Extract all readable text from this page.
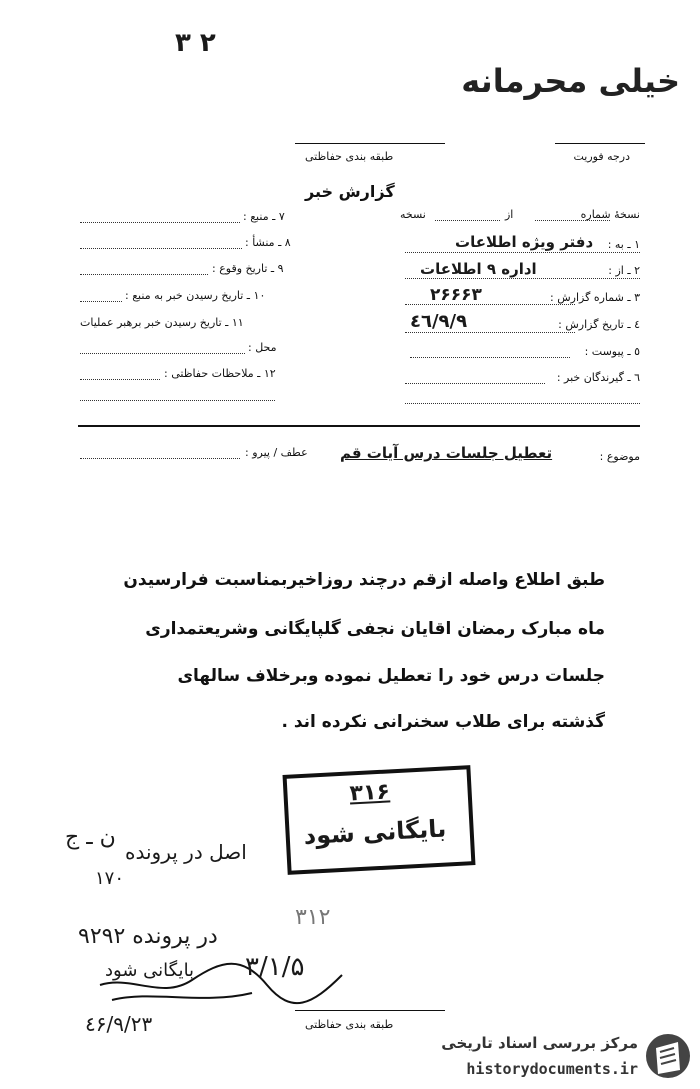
۳ ۲
خیلی محرمانه
درجه فوریت
طبقه بندی حفاظتی
گزارش خبر
نسخهٔ شماره
از
نسخه
۱ ـ به :
دفتر ویژه اطلاعات
۲ ـ از :
اداره ۹ اطلاعات
۳ ـ شماره گزارش :
۲۶۶۶۳
٤ ـ تاریخ گزارش :
٤٦/۹/۹
٥ ـ پیوست :
٦ ـ گیرندگان خبر :
۷ ـ منبع :
۸ ـ منشأ :
۹ ـ تاریخ وقوع :
۱۰ ـ تاریخ رسیدن خبر به منبع :
۱۱ ـ تاریخ رسیدن خبر برهبر عملیات
محل :
۱۲ ـ ملاحظات حفاظتی :
موضوع :
تعطیل جلسات درس آیات قم
عطف / پیرو :
طبق اطلاع واصله ازقم درچند روزاخیربمناسبت فرارسیدن
ماه مبارک رمضان اقایان نجفی گلپایگانی وشریعتمداری
جلسات درس خود را تعطیل نموده وبرخلاف سالهای
گذشته برای طلاب سخنرانی نکرده اند .
۳۱۶
بایگانی شود
اصل در پرونده
ن ـ ج
۱۷۰
۳۱۲
در پرونده ۹۲۹۲
بایگانی شود ۳/۱/۵
٤۶/۹/۲۳	طبقه بندی حفاظتی
مرکز بررسی اسناد تاریخی
historydocuments.ir
